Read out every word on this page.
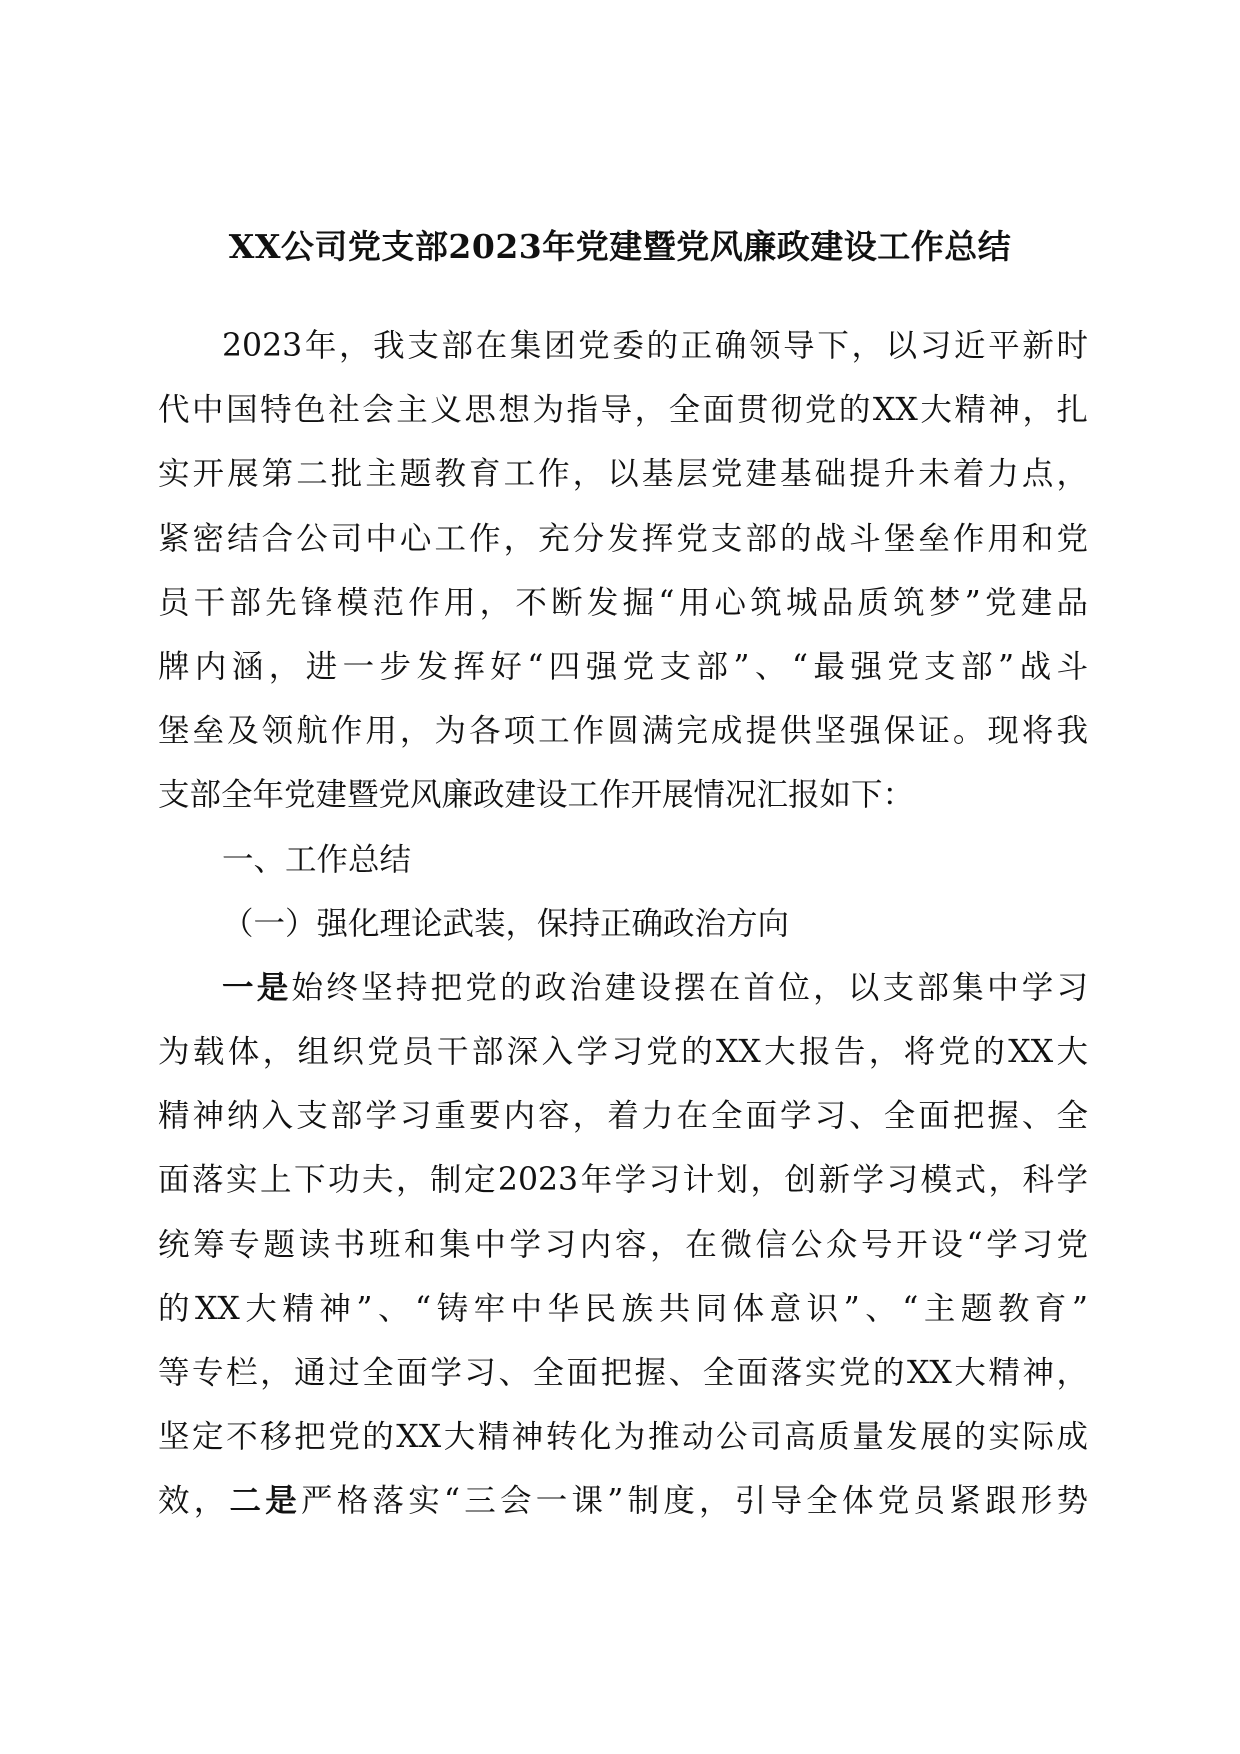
XX公司党支部2023年党建暨党风廉政建设工作总结
2023年，我支部在集团党委的正确领导下，以习近平新时
代中国特色社会主义思想为指导，全面贯彻党的XX大精神，扎
实开展第二批主题教育工作，以基层党建基础提升未着力点，
紧密结合公司中心工作，充分发挥党支部的战斗堡垒作用和党
员干部先锋模范作用，不断发掘“用心筑城品质筑梦”党建品
牌内涵，进一步发挥好“四强党支部”、“最强党支部”战斗
堡垒及领航作用，为各项工作圆满完成提供坚强保证。现将我
支部全年党建暨党风廉政建设工作开展情况汇报如下：
一、工作总结
（一）强化理论武装，保持正确政治方向
一是始终坚持把党的政治建设摆在首位，以支部集中学习
为载体，组织党员干部深入学习党的XX大报告，将党的XX大
精神纳入支部学习重要内容，着力在全面学习、全面把握、全
面落实上下功夫，制定2023年学习计划，创新学习模式，科学
统筹专题读书班和集中学习内容，在微信公众号开设“学习党
的XX大精神”、“铸牢中华民族共同体意识”、“主题教育”
等专栏，通过全面学习、全面把握、全面落实党的XX大精神，
坚定不移把党的XX大精神转化为推动公司高质量发展的实际成
效，二是严格落实“三会一课”制度，引导全体党员紧跟形势
